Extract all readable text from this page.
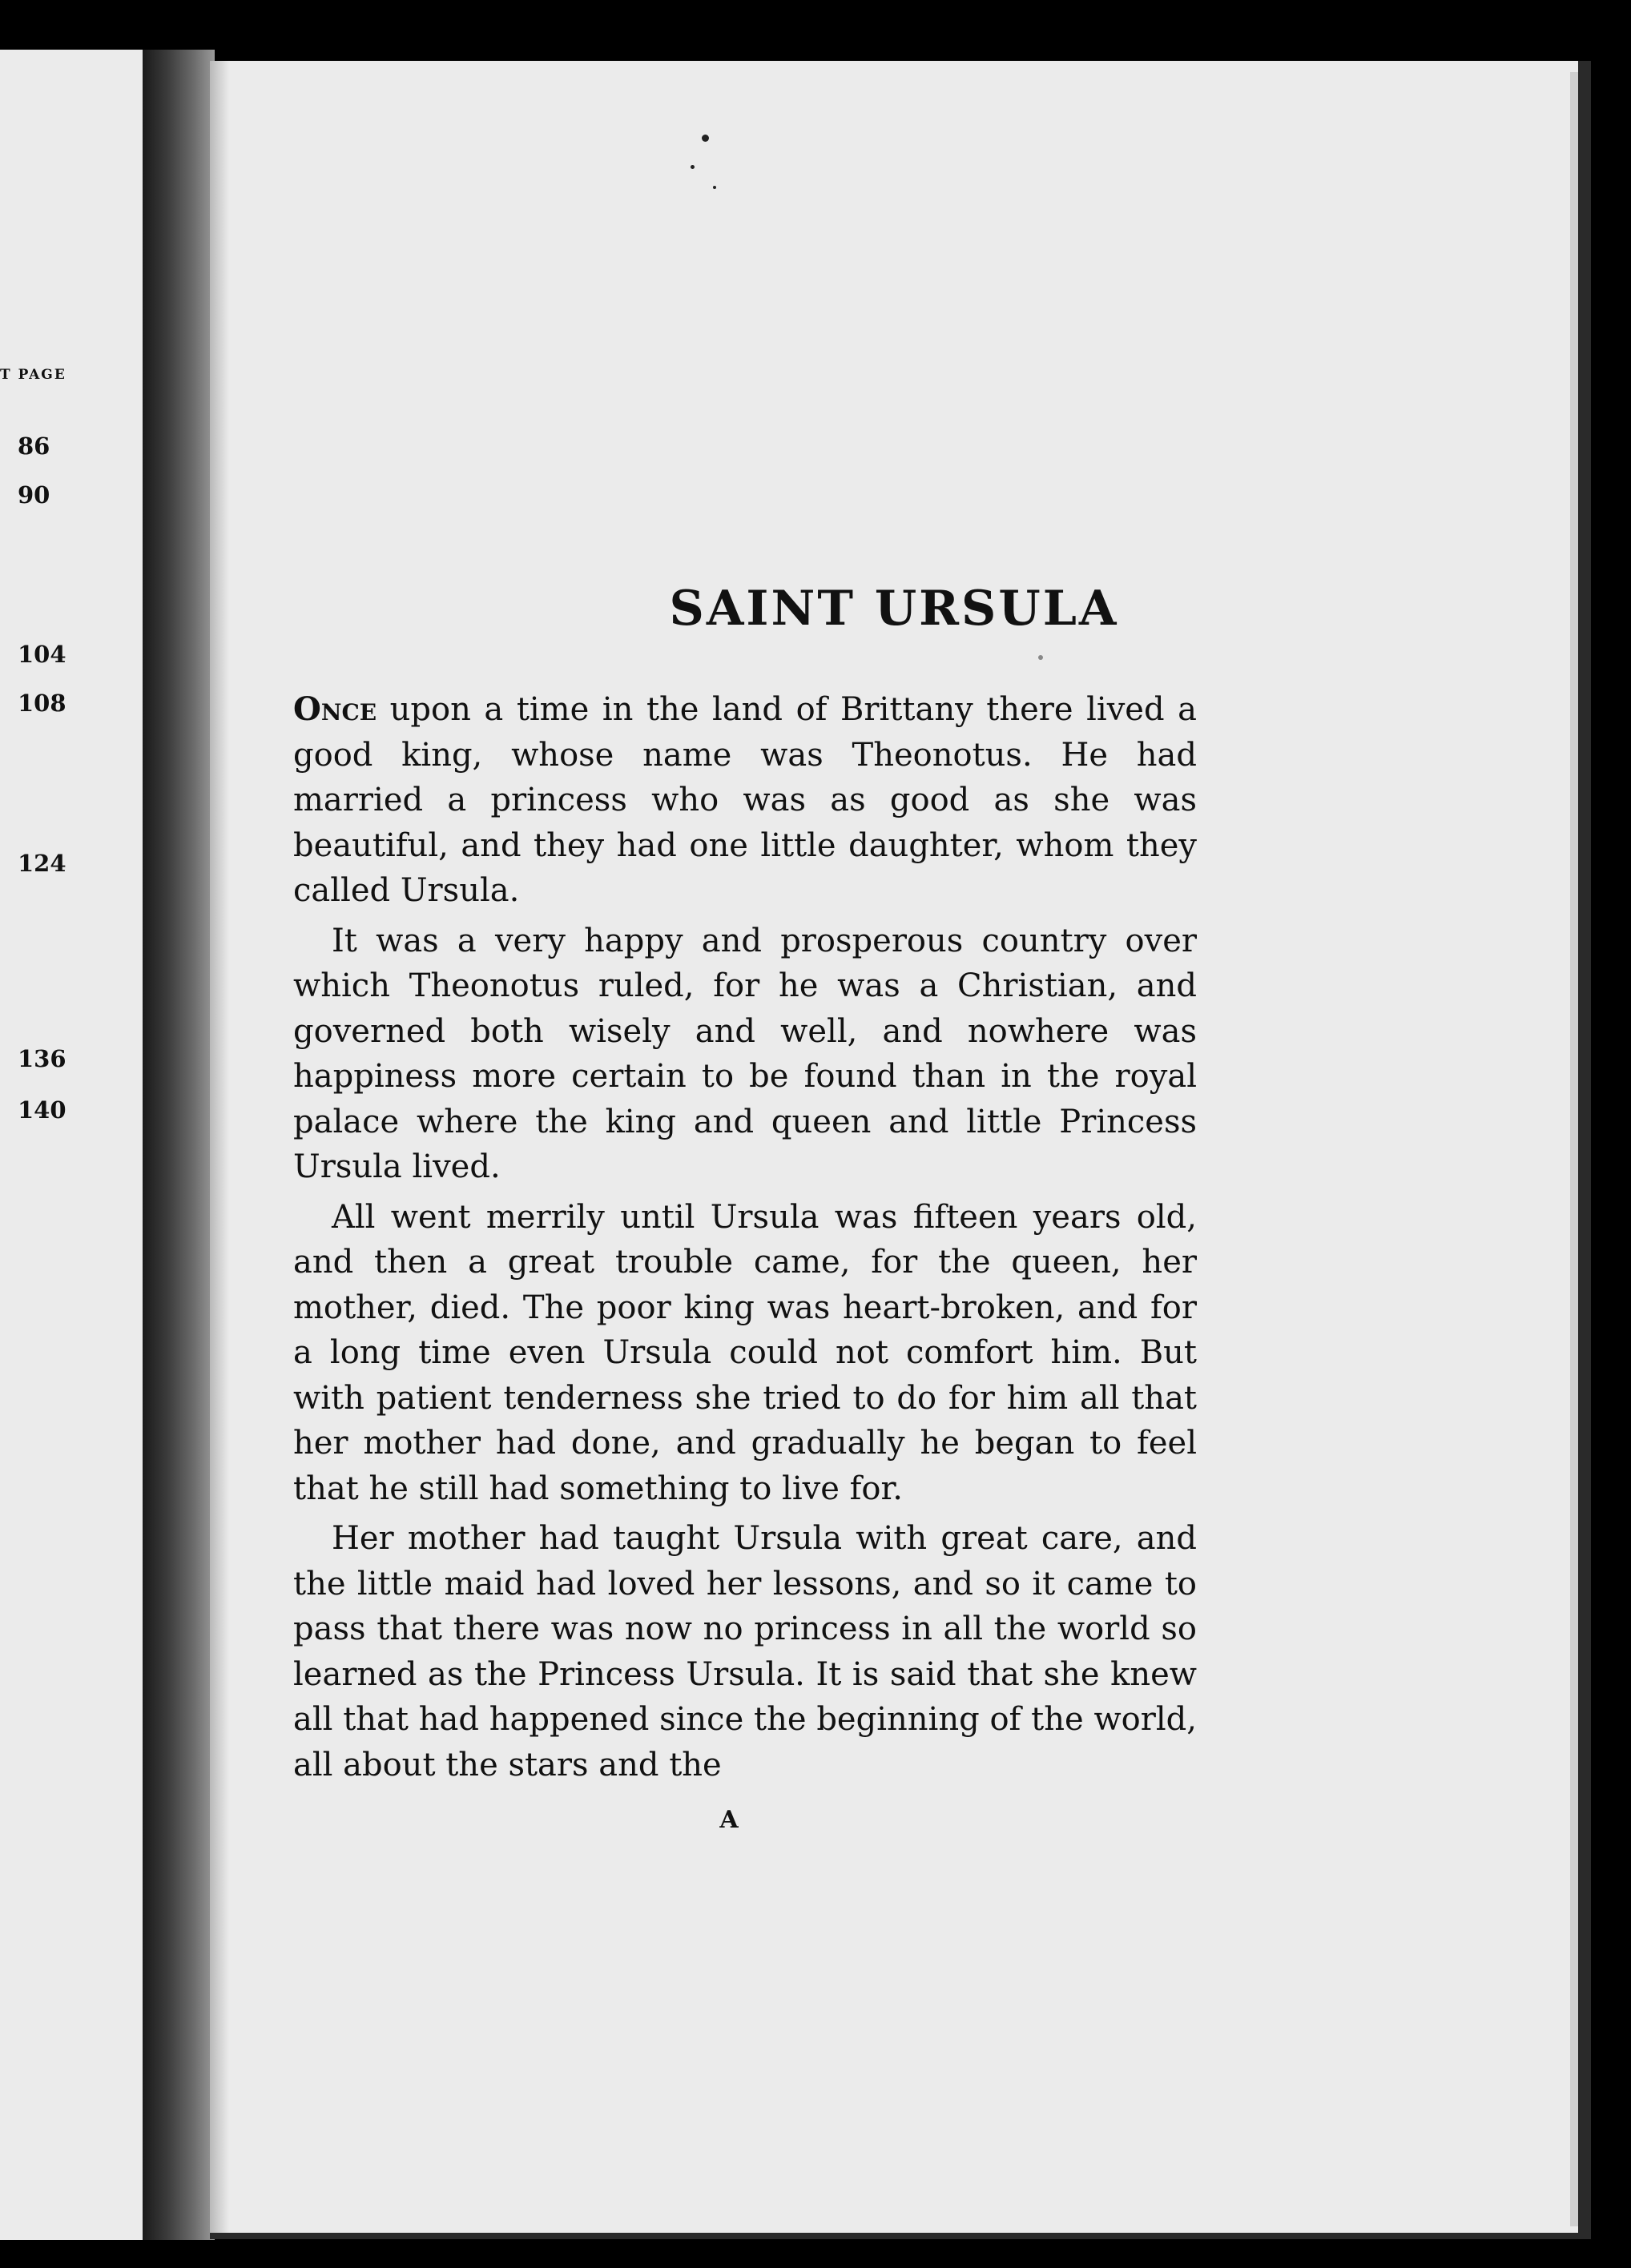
T PAGE
86
90
104
108
124
136
140
SAINT URSULA

Once upon a time in the land of Brittany there lived a good king, whose name was Theonotus. He had married a princess who was as good as she was beautiful, and they had one little daughter, whom they called Ursula.

It was a very happy and prosperous country over which Theonotus ruled, for he was a Christian, and governed both wisely and well, and nowhere was happiness more certain to be found than in the royal palace where the king and queen and little Princess Ursula lived.

All went merrily until Ursula was fifteen years old, and then a great trouble came, for the queen, her mother, died. The poor king was heart-broken, and for a long time even Ursula could not comfort him. But with patient tenderness she tried to do for him all that her mother had done, and gradually he began to feel that he still had something to live for.

Her mother had taught Ursula with great care, and the little maid had loved her lessons, and so it came to pass that there was now no princess in all the world so learned as the Princess Ursula. It is said that she knew all that had happened since the beginning of the world, all about the stars and the

A
